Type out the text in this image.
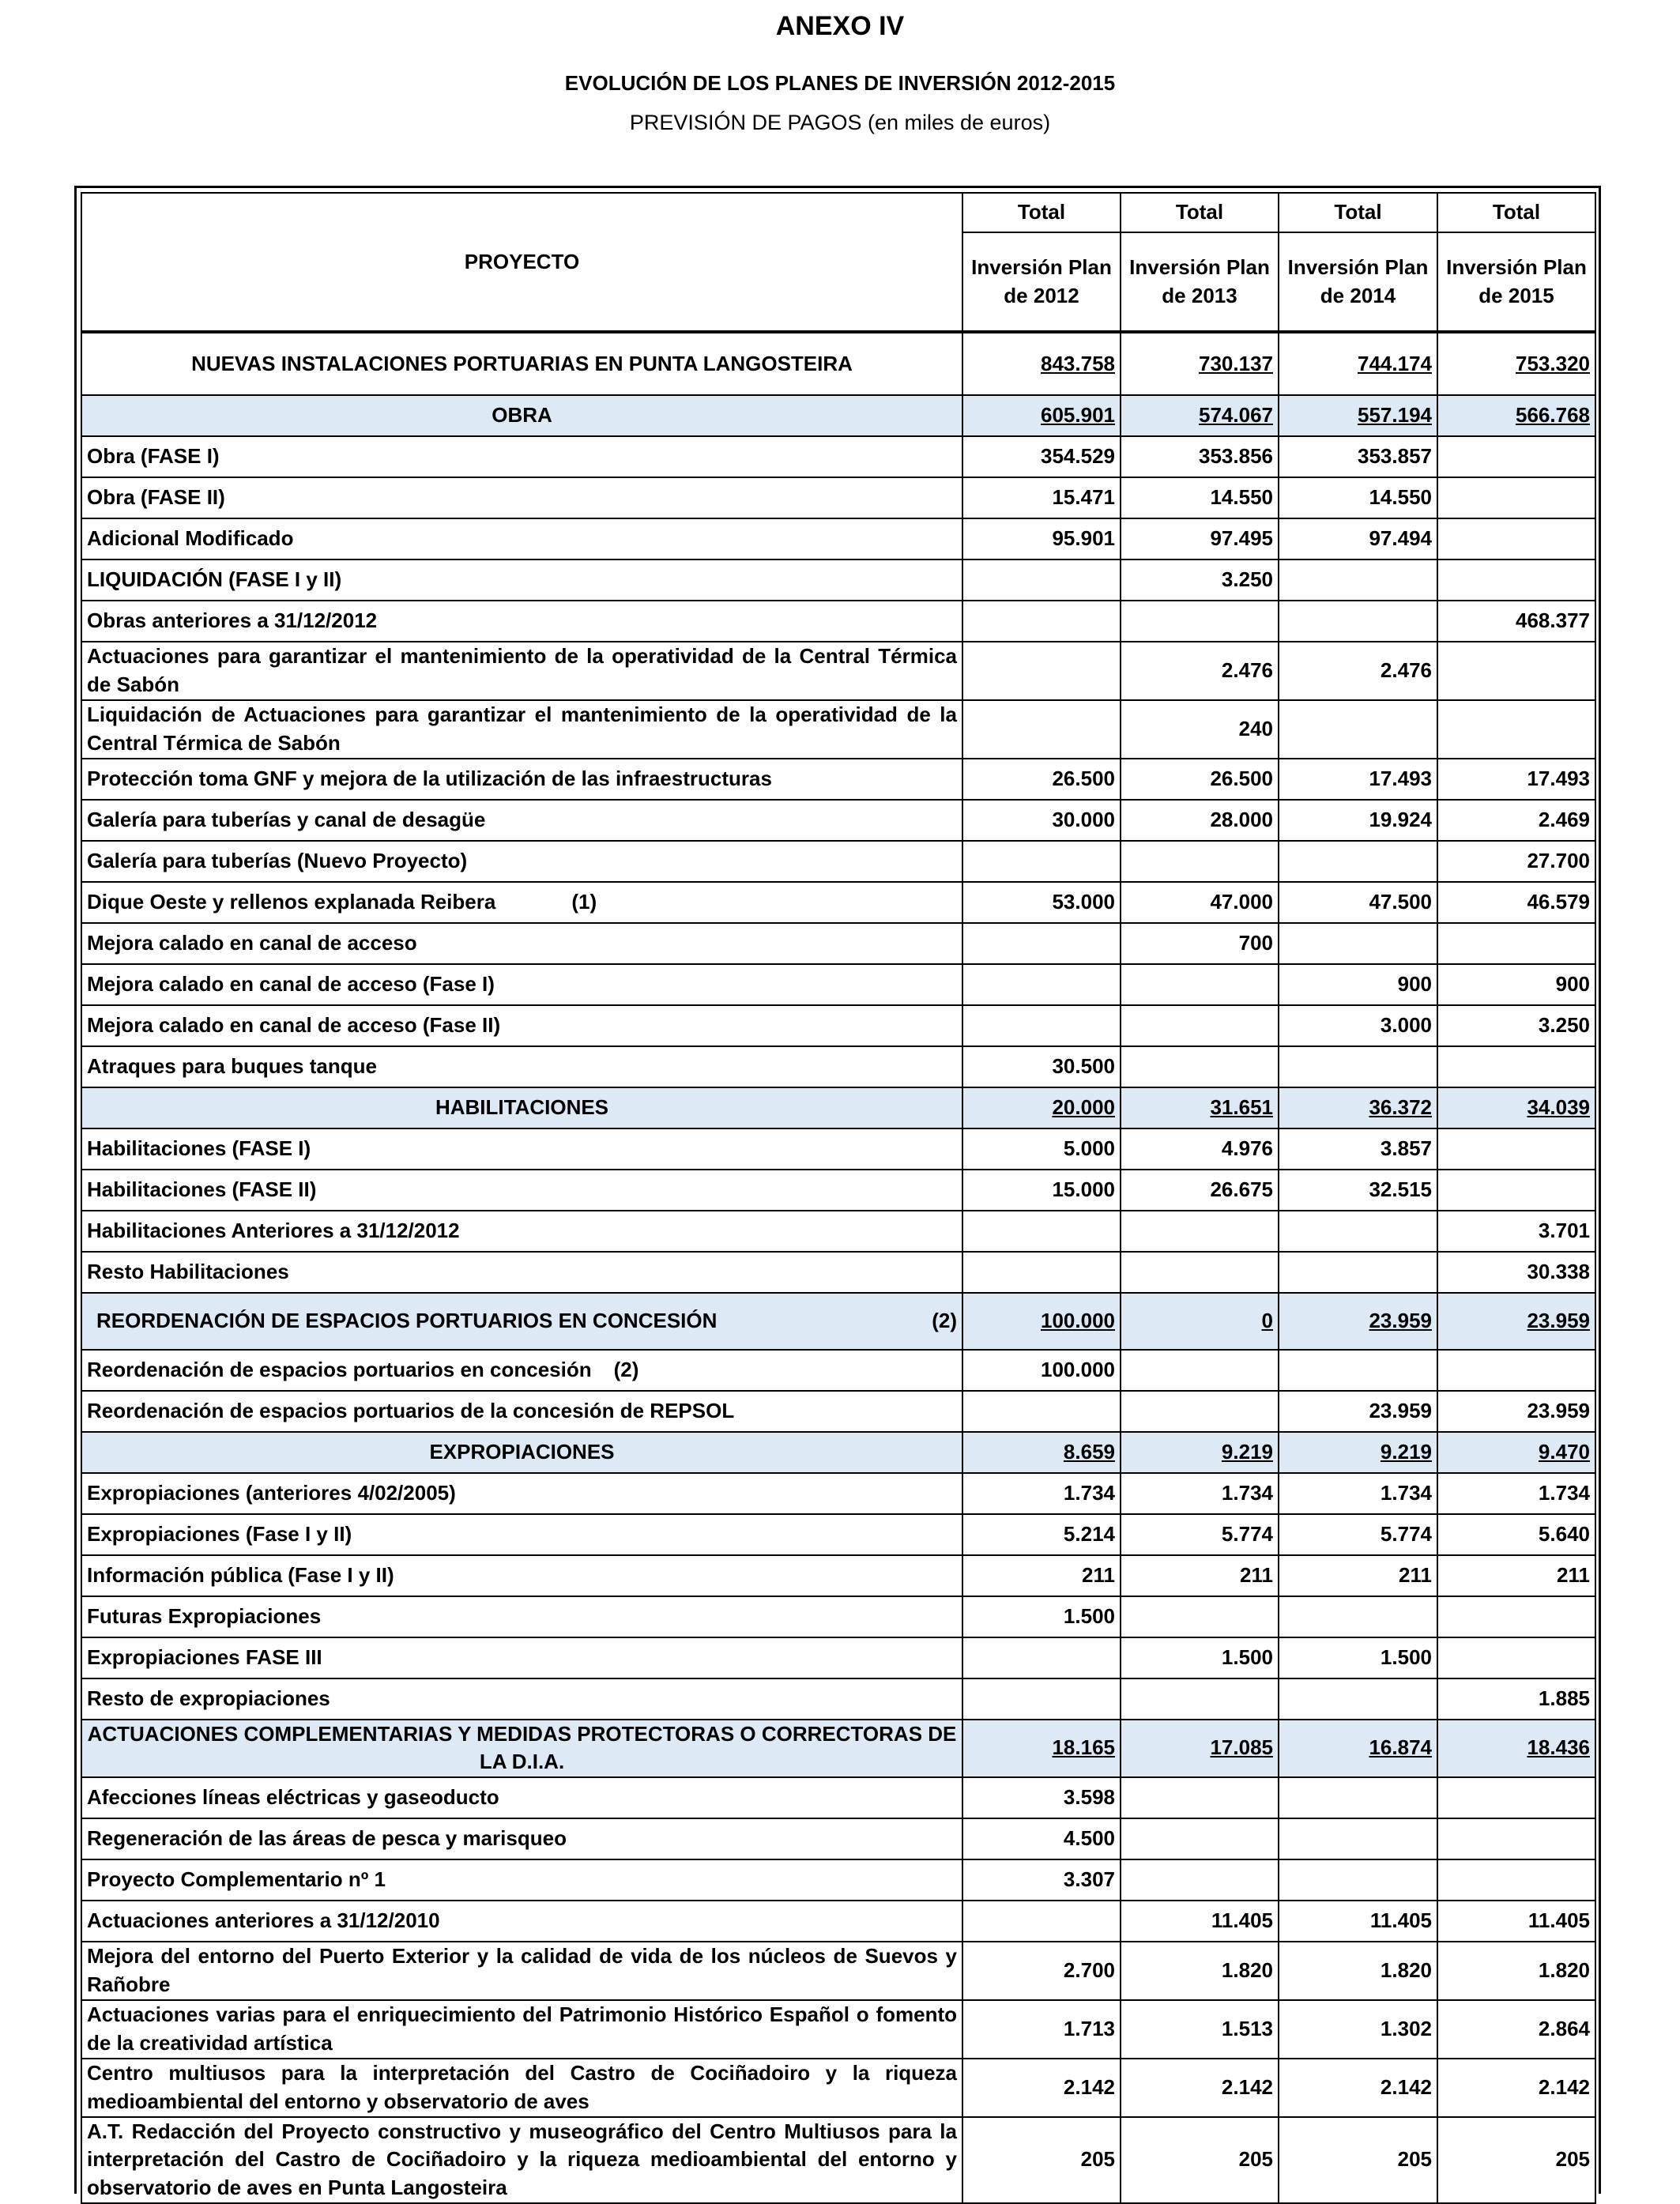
ANEXO IV
EVOLUCIÓN DE LOS PLANES DE INVERSIÓN 2012-2015
PREVISIÓN DE PAGOS (en miles de euros)
PROYECTO	Total	Total	Total	Total
	Inversión Plan de 2012	Inversión Plan de 2013	Inversión Plan de 2014	Inversión Plan de 2015
NUEVAS INSTALACIONES PORTUARIAS EN PUNTA LANGOSTEIRA	843.758	730.137	744.174	753.320
OBRA	605.901	574.067	557.194	566.768
Obra (FASE I)	354.529	353.856	353.857	
Obra (FASE II)	15.471	14.550	14.550	
Adicional Modificado	95.901	97.495	97.494	
LIQUIDACIÓN (FASE I y II)		3.250		
Obras anteriores a 31/12/2012				468.377
Actuaciones para garantizar el mantenimiento de la operatividad de la Central Térmica de Sabón		2.476	2.476	
Liquidación de Actuaciones para garantizar el mantenimiento de la operatividad de la Central Térmica de Sabón		240		
Protección toma GNF y mejora de la utilización de las infraestructuras	26.500	26.500	17.493	17.493
Galería para tuberías y canal de desagüe	30.000	28.000	19.924	2.469
Galería para tuberías (Nuevo Proyecto)				27.700
Dique Oeste y rellenos explanada Reibera (1)	53.000	47.000	47.500	46.579
Mejora calado en canal de acceso		700		
Mejora calado en canal de acceso (Fase I)			900	900
Mejora calado en canal de acceso (Fase II)			3.000	3.250
Atraques para buques tanque	30.500			
HABILITACIONES	20.000	31.651	36.372	34.039
Habilitaciones (FASE I)	5.000	4.976	3.857	
Habilitaciones (FASE II)	15.000	26.675	32.515	
Habilitaciones Anteriores a 31/12/2012				3.701
Resto Habilitaciones				30.338
REORDENACIÓN DE ESPACIOS PORTUARIOS EN CONCESIÓN (2)	100.000	0	23.959	23.959
Reordenación de espacios portuarios en concesión (2)	100.000			
Reordenación de espacios portuarios de la concesión de REPSOL			23.959	23.959
EXPROPIACIONES	8.659	9.219	9.219	9.470
Expropiaciones (anteriores 4/02/2005)	1.734	1.734	1.734	1.734
Expropiaciones (Fase I y II)	5.214	5.774	5.774	5.640
Información pública (Fase I y II)	211	211	211	211
Futuras Expropiaciones	1.500			
Expropiaciones FASE III		1.500	1.500	
Resto de expropiaciones				1.885
ACTUACIONES COMPLEMENTARIAS Y MEDIDAS PROTECTORAS O CORRECTORAS DE LA D.I.A.	18.165	17.085	16.874	18.436
Afecciones líneas eléctricas y gaseoducto	3.598			
Regeneración de las áreas de pesca y marisqueo	4.500			
Proyecto Complementario nº 1	3.307			
Actuaciones anteriores a 31/12/2010		11.405	11.405	11.405
Mejora del entorno del Puerto Exterior y la calidad de vida de los núcleos de Suevos y Rañobre	2.700	1.820	1.820	1.820
Actuaciones varias para el enriquecimiento del Patrimonio Histórico Español o fomento de la creatividad artística	1.713	1.513	1.302	2.864
Centro multiusos para la interpretación del Castro de Cociñadoiro y la riqueza medioambiental del entorno y observatorio de aves	2.142	2.142	2.142	2.142
A.T. Redacción del Proyecto constructivo y museográfico del Centro Multiusos para la interpretación del Castro de Cociñadoiro y la riqueza medioambiental del entorno y observatorio de aves en Punta Langosteira	205	205	205	205
